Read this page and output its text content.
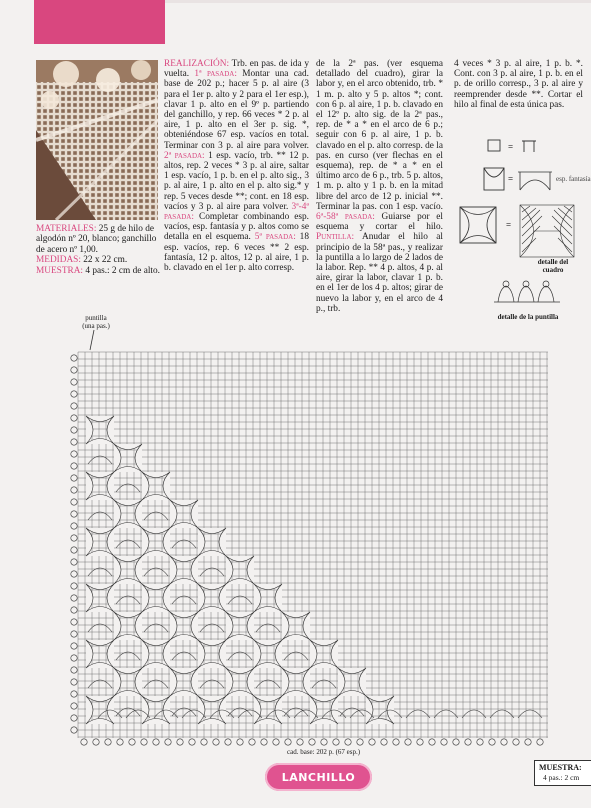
MATERIALES: 25 g de hilo de algodón nº 20, blanco; ganchillo de acero nº 1,00.

MEDIDAS: 22 x 22 cm.

MUESTRA: 4 pas.: 2 cm de alto.

REALIZACIÓN: Trb. en pas. de ida y vuelta. 1ª pasada: Montar una cad. base de 202 p.; hacer 5 p. al aire (3 para el 1er p. alto y 2 para el 1er esp.), clavar 1 p. alto en el 9º p. partiendo del ganchillo, y rep. 66 veces * 2 p. al aire, 1 p. alto en el 3er p. sig. *, obteniéndose 67 esp. vacíos en total. Terminar con 3 p. al aire para volver. 2ª pasada: 1 esp. vacío, trb. ** 12 p. altos, rep. 2 veces * 3 p. al aire, saltar 1 esp. vacío, 1 p. b. en el p. alto sig., 3 p. al aire, 1 p. alto en el p. alto sig.* y rep. 5 veces desde **; cont. en 18 esp. vacíos y 3 p. al aire para volver. 3ª-4ª pasada: Completar combinando esp. vacíos, esp. fantasía y p. altos como se detalla en el esquema. 5ª pasada: 18 esp. vacíos, rep. 6 veces ** 2 esp. fantasía, 12 p. altos, 12 p. al aire, 1 p. b. clavado en el 1er p. alto corresp.

de la 2ª pas. (ver esquema detallado del cuadro), girar la labor y, en el arco obtenido, trb. * 1 m. p. alto y 5 p. altos *; cont. con 6 p. al aire, 1 p. b. clavado en el 12º p. alto sig. de la 2ª pas., rep. de * a * en el arco de 6 p.; seguir con 6 p. al aire, 1 p. b. clavado en el p. alto corresp. de la pas. en curso (ver flechas en el esquema), rep. de * a * en el último arco de 6 p., trb. 5 p. altos, 1 m. p. alto y 1 p. b. en la mitad libre del arco de 12 p. inicial **. Terminar la pas. con 1 esp. vacío. 6ª-58ª pasada: Guiarse por el esquema y cortar el hilo. Puntilla: Anudar el hilo al principio de la 58ª pas., y realizar la puntilla a lo largo de 2 lados de la labor. Rep. ** 4 p. altos, 4 p. al aire, girar la labor, clavar 1 p. b. en el 1er de los 4 p. altos; girar de nuevo la labor y, en el arco de 4 p., trb.

4 veces * 3 p. al aire, 1 p. b. *. Cont. con 3 p. al aire, 1 p. b. en el p. de orillo corresp., 3 p. al aire y reemprender desde **. Cortar el hilo al final de esta única pas.

=
=
=
esp. fantasía
detalle del
cuadro
detalle de la puntilla
puntilla
(una pas.)
cad. base: 202 p. (67 esp.)
LANCHILLO
MUESTRA:
4 pas.: 2 cm
